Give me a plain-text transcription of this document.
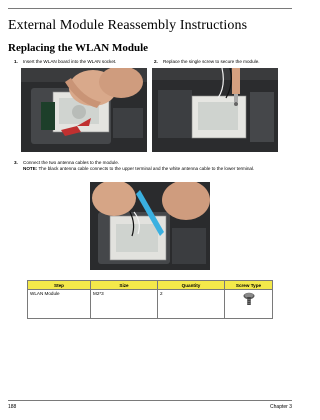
External Module Reassembly Instructions
Replacing the WLAN Module
1. Insert the WLAN board into the WLAN socket.	2. Replace the single screw to secure the module.
3. Connect the two antenna cables to the module.
NOTE: The black antenna cable connects to the upper terminal and the white antenna cable to the lower terminal.
Step	Size	Quantity	Screw Type
WLAN Module	M2*3	2	
188	Chapter 3
